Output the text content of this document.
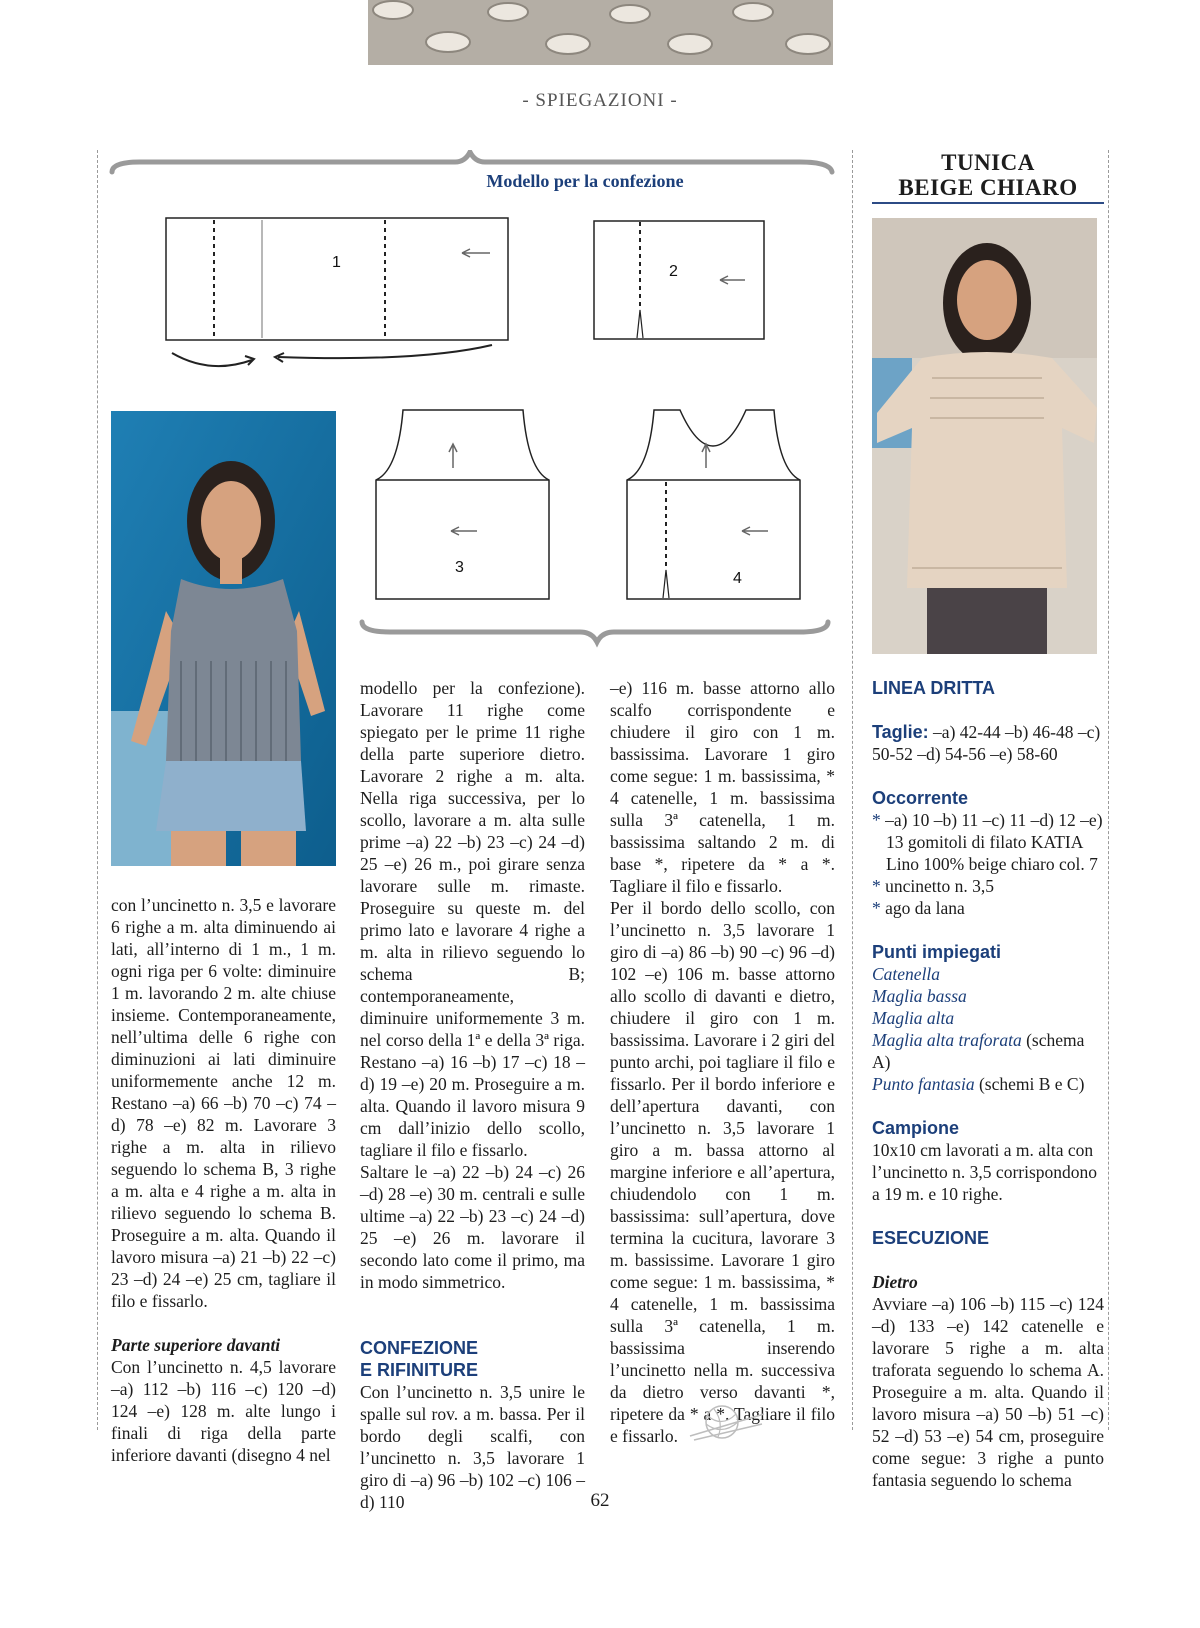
- SPIEGAZIONI -
1
2
3
4
Modello per la confezione

con l’uncinetto n. 3,5 e lavorare 6 righe a m. alta diminuendo ai lati, all’interno di 1 m., 1 m. ogni riga per 6 volte: diminuire 1 m. lavorando 2 m. alte chiuse insieme. Contemporaneamente, nell’ultima delle 6 righe con diminuzioni ai lati diminuire uniformemente anche 12 m. Restano –a) 66 –b) 70 –c) 74 –d) 78 –e) 82 m. Lavorare 3 righe a m. alta in rilievo seguendo lo schema B, 3 righe a m. alta e 4 righe a m. alta in rilievo seguendo lo schema B. Proseguire a m. alta. Quando il lavoro misura –a) 21 –b) 22 –c) 23 –d) 24 –e) 25 cm, tagliare il filo e fissarlo.

Parte superiore davanti

Con l’uncinetto n. 4,5 lavorare –a) 112 –b) 116 –c) 120 –d) 124 –e) 128 m. alte lungo i finali di riga della parte inferiore davanti (disegno 4 nel

modello per la confezione). Lavorare 11 righe come spiegato per le prime 11 righe della parte superiore dietro. Lavorare 2 righe a m. alta. Nella riga successiva, per lo scollo, lavorare a m. alta sulle prime –a) 22 –b) 23 –c) 24 –d) 25 –e) 26 m., poi girare senza lavorare sulle m. rimaste. Proseguire su queste m. del primo lato e lavorare 4 righe a m. alta in rilievo seguendo lo schema B; contemporaneamente, diminuire uniformemente 3 m. nel corso della 1ª e della 3ª riga. Restano –a) 16 –b) 17 –c) 18 –d) 19 –e) 20 m. Proseguire a m. alta. Quando il lavoro misura 9 cm dall’inizio dello scollo, tagliare il filo e fissarlo.

Saltare le –a) 22 –b) 24 –c) 26 –d) 28 –e) 30 m. centrali e sulle ultime –a) 22 –b) 23 –c) 24 –d) 25 –e) 26 m. lavorare il secondo lato come il primo, ma in modo simmetrico.

CONFEZIONE
E RIFINITURE

Con l’uncinetto n. 3,5 unire le spalle sul rov. a m. bassa. Per il bordo degli scalfi, con l’uncinetto n. 3,5 lavorare 1 giro di –a) 96 –b) 102 –c) 106 –d) 110

–e) 116 m. basse attorno allo scalfo corrispondente e chiudere il giro con 1 m. bassissima. Lavorare 1 giro come segue: 1 m. bassissima, * 4 catenelle, 1 m. bassissima sulla 3ª catenella, 1 m. bassissima saltando 2 m. di base *, ripetere da * a *. Tagliare il filo e fissarlo.

Per il bordo dello scollo, con l’uncinetto n. 3,5 lavorare 1 giro di –a) 86 –b) 90 –c) 96 –d) 102 –e) 106 m. basse attorno allo scollo di davanti e dietro, chiudere il giro con 1 m. bassissima. Lavorare i 2 giri del punto archi, poi tagliare il filo e fissarlo. Per il bordo inferiore e dell’apertura davanti, con l’uncinetto n. 3,5 lavorare 1 giro a m. bassa attorno al margine inferiore e all’apertura, chiudendolo con 1 m. bassissima: sull’apertura, dove termina la cucitura, lavorare 3 m. bassissime. Lavorare 1 giro come segue: 1 m. bassissima, * 4 catenelle, 1 m. bassissima sulla 3ª catenella, 1 m. bassissima inserendo l’uncinetto nella m. successiva da dietro verso davanti *, ripetere da * a *. Tagliare il filo e fissarlo.

TUNICA
BEIGE CHIARO
LINEA DRITTA
Taglie: –a) 42-44 –b) 46-48 –c) 50-52 –d) 54-56 –e) 58-60
Occorrente
* –a) 10 –b) 11 –c) 11 –d) 12 –e) 13 gomitoli di filato KATIA Lino 100% beige chiaro col. 7
* uncinetto n. 3,5
* ago da lana
Punti impiegati
Catenella
Maglia bassa
Maglia alta
Maglia alta traforata (schema A)
Punto fantasia (schemi B e C)
Campione
10x10 cm lavorati a m. alta con l’uncinetto n. 3,5 corrispondono a 19 m. e 10 righe.
ESECUZIONE
Dietro
Avviare –a) 106 –b) 115 –c) 124 –d) 133 –e) 142 catenelle e lavorare 5 righe a m. alta traforata seguendo lo schema A. Proseguire a m. alta. Quando il lavoro misura –a) 50 –b) 51 –c) 52 –d) 53 –e) 54 cm, proseguire come segue: 3 righe a punto fantasia seguendo lo schema
62
